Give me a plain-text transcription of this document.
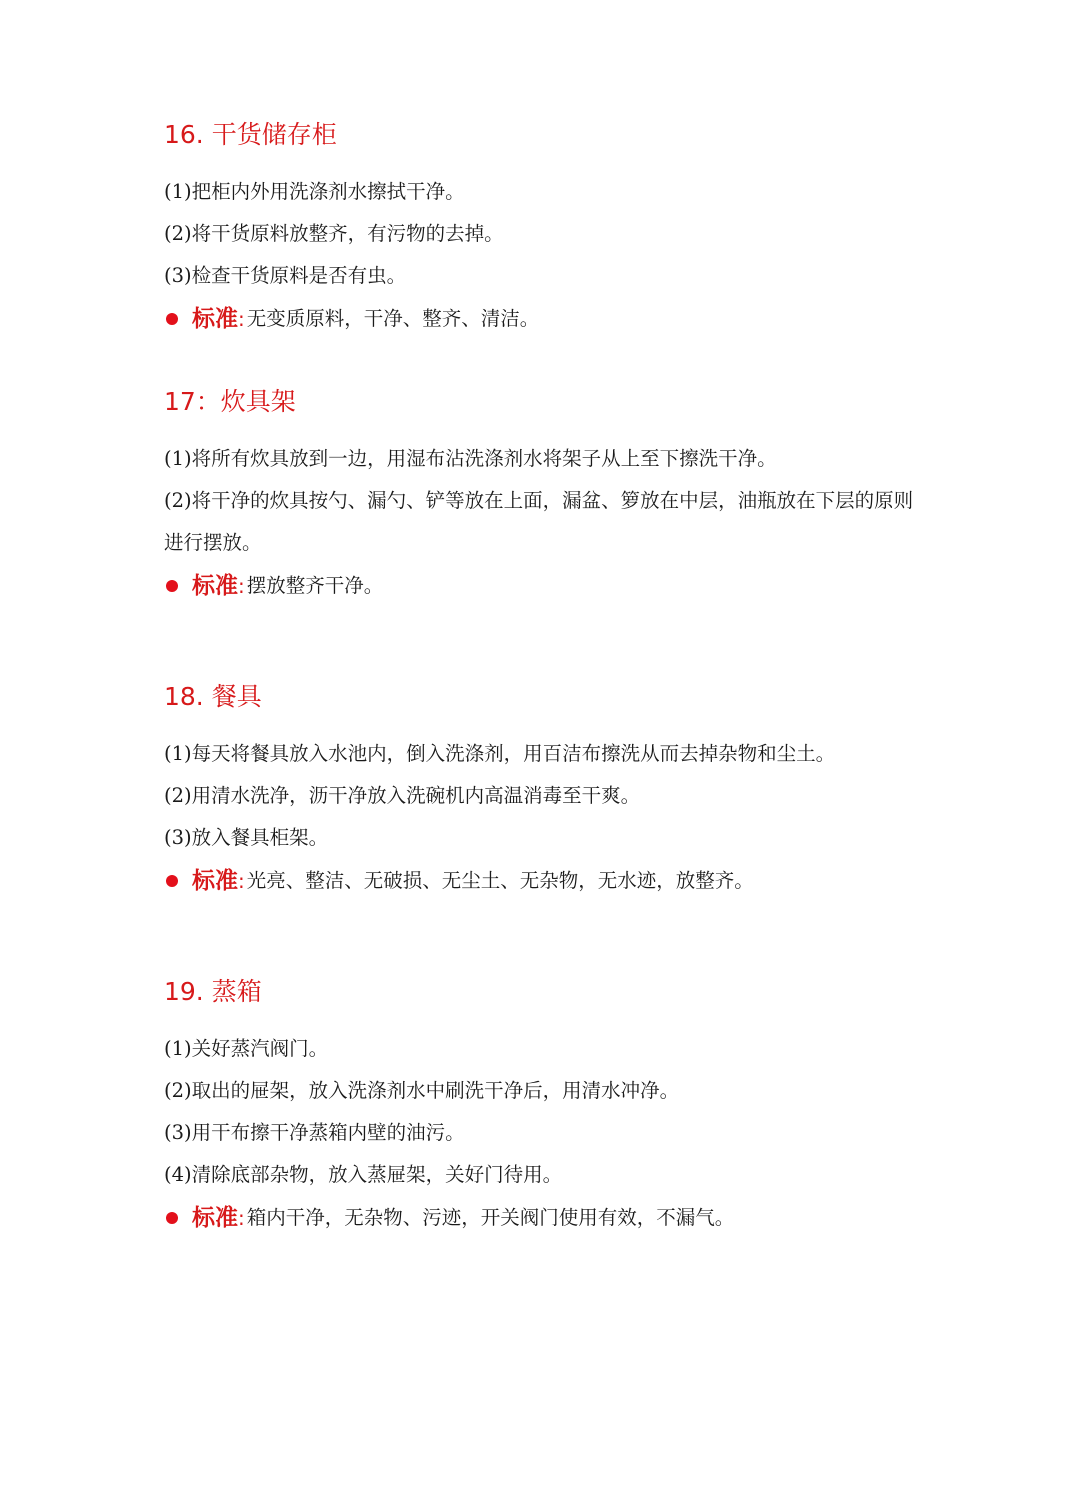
16. 干货储存柜
(1)把柜内外用洗涤剂水擦拭干净。
(2)将干货原料放整齐，有污物的去掉。
(3)检查干货原料是否有虫。
标准 : 无变质原料，干净、整齐、清洁。
17：炊具架
(1)将所有炊具放到一边，用湿布沾洗涤剂水将架子从上至下擦洗干净。
(2)将干净的炊具按勺、漏勺、铲等放在上面，漏盆、箩放在中层，油瓶放在下层的原则进行摆放。
标准 : 摆放整齐干净。
18. 餐具
(1)每天将餐具放入水池内，倒入洗涤剂，用百洁布擦洗从而去掉杂物和尘土。
(2)用清水洗净，沥干净放入洗碗机内高温消毒至干爽。
(3)放入餐具柜架。
标准 : 光亮、整洁、无破损、无尘土、无杂物，无水迹，放整齐。
19. 蒸箱
(1)关好蒸汽阀门。
(2)取出的屉架，放入洗涤剂水中刷洗干净后，用清水冲净。
(3)用干布擦干净蒸箱内壁的油污。
(4)清除底部杂物，放入蒸屉架，关好门待用。
标准 : 箱内干净，无杂物、污迹，开关阀门使用有效，不漏气。
